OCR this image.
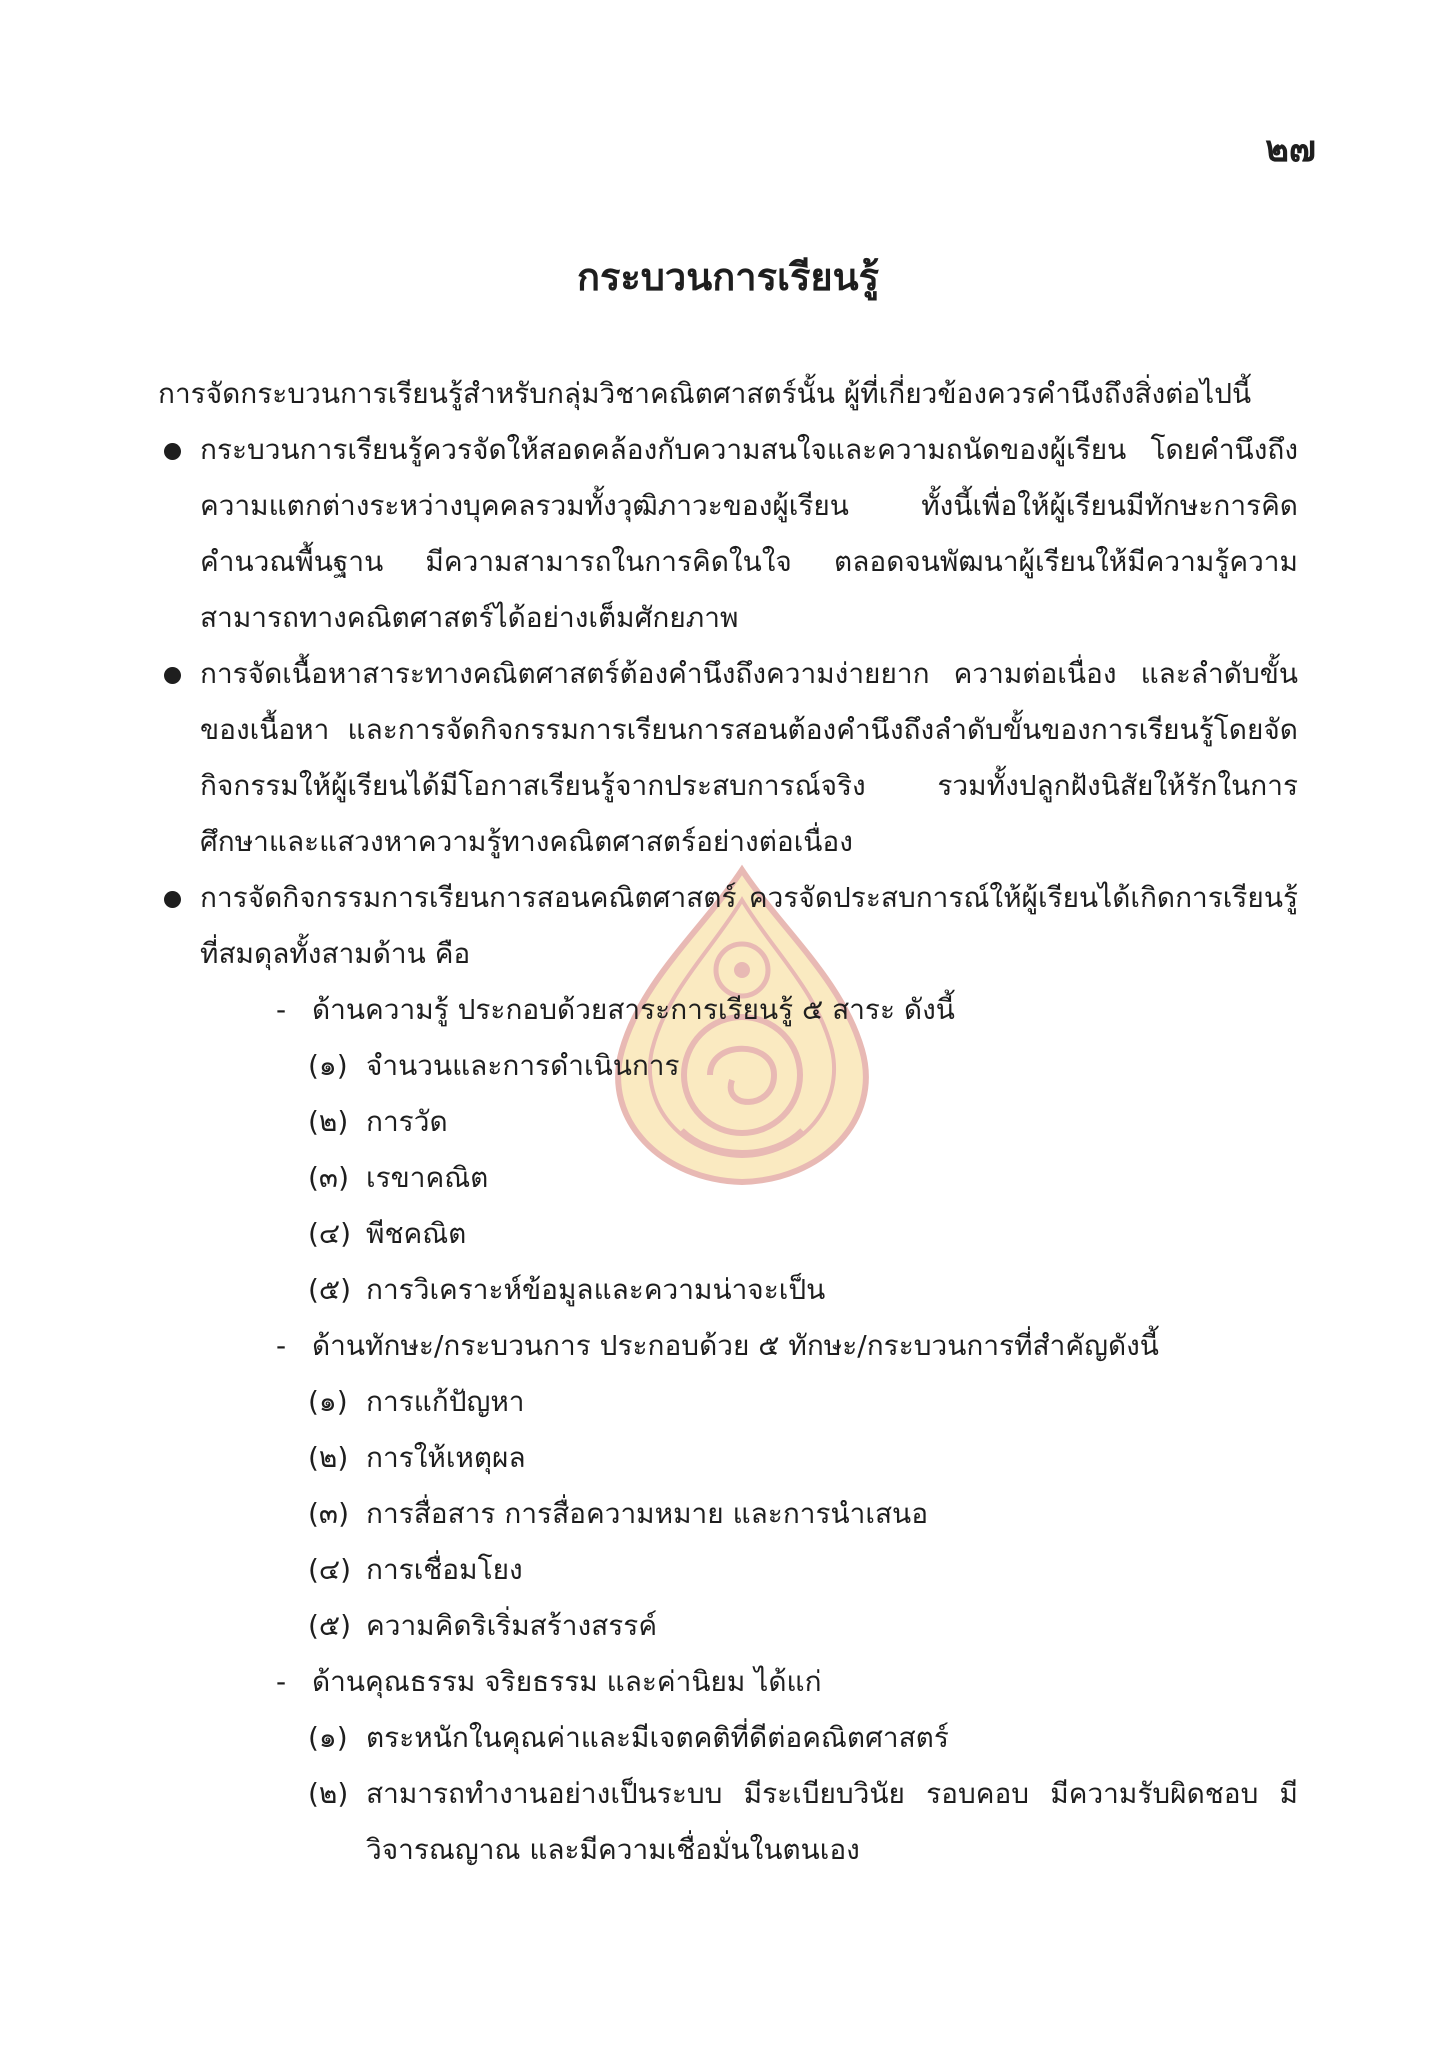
๒๗
กระบวนการเรียนรู้

การจัดกระบวนการเรียนรู้สำหรับกลุ่มวิชาคณิตศาสตร์นั้น ผู้ที่เกี่ยวข้องควรคำนึงถึงสิ่งต่อไปนี้

กระบวนการเรียนรู้ควรจัดให้สอดคล้องกับความสนใจและความถนัดของผู้เรียน โดยคำนึงถึงความแตกต่างระหว่างบุคคลรวมทั้งวุฒิภาวะของผู้เรียน ทั้งนี้เพื่อให้ผู้เรียนมีทักษะการคิดคำนวณพื้นฐาน มีความสามารถในการคิดในใจ ตลอดจนพัฒนาผู้เรียนให้มีความรู้ความสามารถทางคณิตศาสตร์ได้อย่างเต็มศักยภาพ

การจัดเนื้อหาสาระทางคณิตศาสตร์ต้องคำนึงถึงความง่ายยาก ความต่อเนื่อง และลำดับขั้นของเนื้อหา และการจัดกิจกรรมการเรียนการสอนต้องคำนึงถึงลำดับขั้นของการเรียนรู้โดยจัดกิจกรรมให้ผู้เรียนได้มีโอกาสเรียนรู้จากประสบการณ์จริง รวมทั้งปลูกฝังนิสัยให้รักในการศึกษาและแสวงหาความรู้ทางคณิตศาสตร์อย่างต่อเนื่อง

การจัดกิจกรรมการเรียนการสอนคณิตศาสตร์ ควรจัดประสบการณ์ให้ผู้เรียนได้เกิดการเรียนรู้ที่สมดุลทั้งสามด้าน คือ

- ด้านความรู้ ประกอบด้วยสาระการเรียนรู้ ๕ สาระ ดังนี้

(๑) จำนวนและการดำเนินการ

(๒) การวัด

(๓) เรขาคณิต

(๔) พีชคณิต

(๕) การวิเคราะห์ข้อมูลและความน่าจะเป็น

- ด้านทักษะ/กระบวนการ ประกอบด้วย ๕ ทักษะ/กระบวนการที่สำคัญดังนี้

(๑) การแก้ปัญหา

(๒) การให้เหตุผล

(๓) การสื่อสาร การสื่อความหมาย และการนำเสนอ

(๔) การเชื่อมโยง

(๕) ความคิดริเริ่มสร้างสรรค์

- ด้านคุณธรรม จริยธรรม และค่านิยม ได้แก่

(๑) ตระหนักในคุณค่าและมีเจตคติที่ดีต่อคณิตศาสตร์

(๒) สามารถทำงานอย่างเป็นระบบ มีระเบียบวินัย รอบคอบ มีความรับผิดชอบ มีวิจารณญาณ และมีความเชื่อมั่นในตนเอง
